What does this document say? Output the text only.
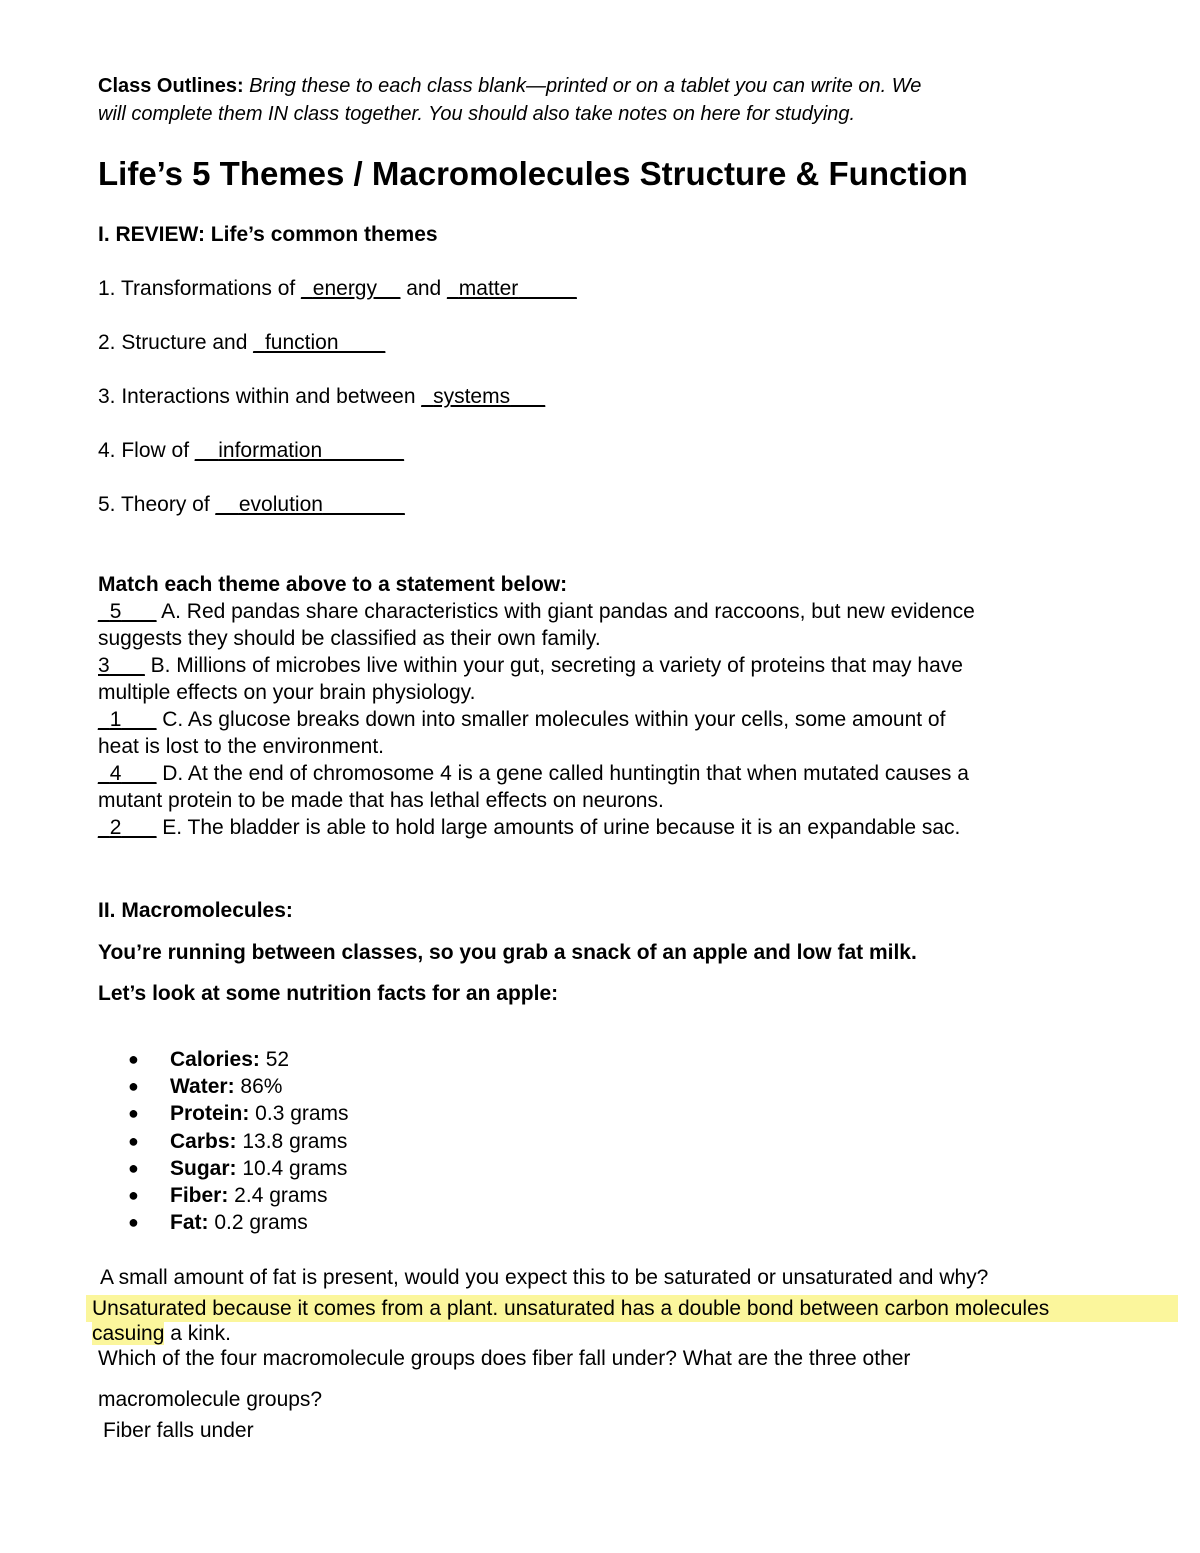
Class Outlines: Bring these to each class blank—printed or on a tablet you can write on. We
will complete them IN class together. You should also take notes on here for studying.
Life’s 5 Themes / Macromolecules Structure & Function
I. REVIEW: Life’s common themes
1. Transformations of _energy__ and _matter_____
2. Structure and _function____
3. Interactions within and between _systems___
4. Flow of __information_______
5. Theory of __evolution_______
Match each theme above to a statement below:
_5___ A. Red pandas share characteristics with giant pandas and raccoons, but new evidence
suggests they should be classified as their own family.
3___ B. Millions of microbes live within your gut, secreting a variety of proteins that may have
multiple effects on your brain physiology.
_1___ C. As glucose breaks down into smaller molecules within your cells, some amount of
heat is lost to the environment.
_4___ D. At the end of chromosome 4 is a gene called huntingtin that when mutated causes a
mutant protein to be made that has lethal effects on neurons.
_2___ E. The bladder is able to hold large amounts of urine because it is an expandable sac.
II. Macromolecules:
You’re running between classes, so you grab a snack of an apple and low fat milk.
Let’s look at some nutrition facts for an apple:
● Calories: 52
● Water: 86%
● Protein: 0.3 grams
● Carbs: 13.8 grams
● Sugar: 10.4 grams
● Fiber: 2.4 grams
● Fat: 0.2 grams
A small amount of fat is present, would you expect this to be saturated or unsaturated and why?
Unsaturated because it comes from a plant. unsaturated has a double bond between carbon molecules
casuing a kink.
Which of the four macromolecule groups does fiber fall under? What are the three other
macromolecule groups?
Fiber falls under
